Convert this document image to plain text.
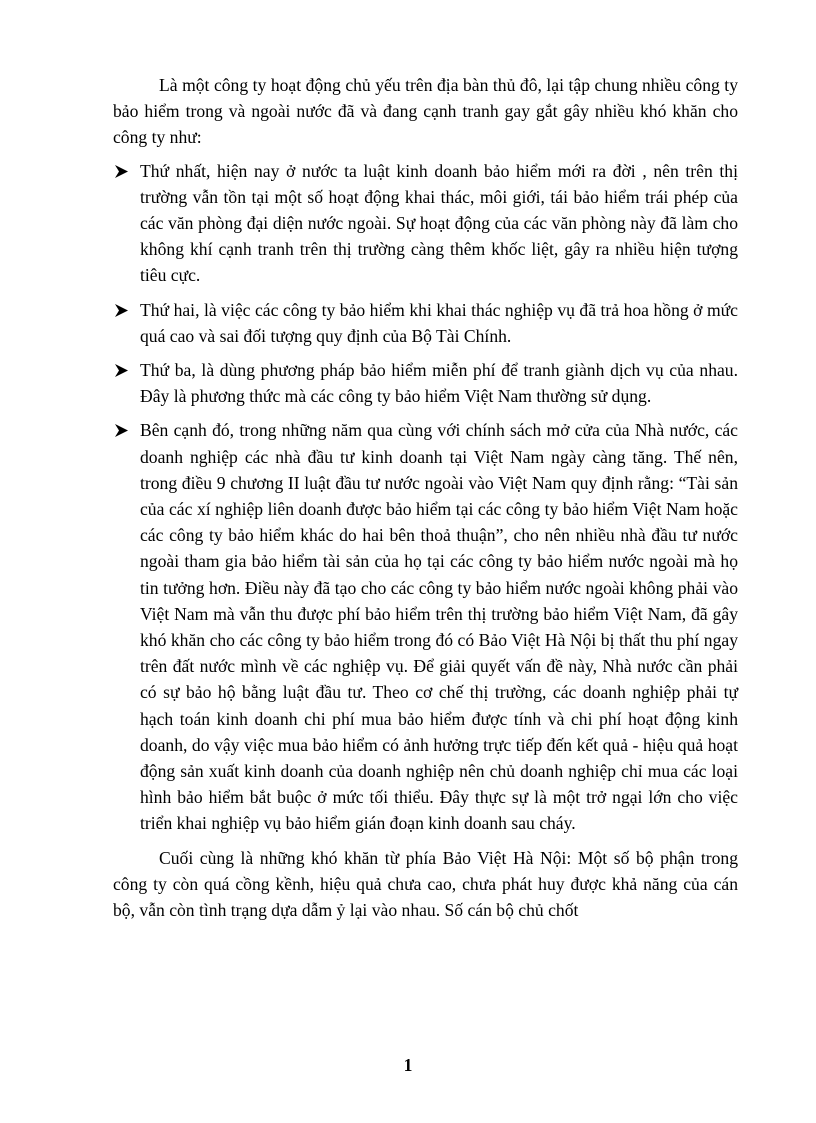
Là một công ty hoạt động chủ yếu trên địa bàn thủ đô, lại tập chung nhiều công ty bảo hiểm trong và ngoài nước đã và đang cạnh tranh gay gắt gây nhiều khó khăn cho công ty như:

Thứ nhất, hiện nay ở nước ta luật kinh doanh bảo hiểm mới ra đời , nên trên thị trường vẫn tồn tại một số hoạt động khai thác, môi giới, tái bảo hiểm trái phép của các văn phòng đại diện nước ngoài. Sự hoạt động của các văn phòng này đã làm cho không khí cạnh tranh trên thị trường càng thêm khốc liệt, gây ra nhiều hiện tượng tiêu cực.
Thứ hai, là việc các công ty bảo hiểm khi khai thác nghiệp vụ đã trả hoa hồng ở mức quá cao và sai đối tượng quy định của Bộ Tài Chính.
Thứ ba, là dùng phương pháp bảo hiểm miễn phí để tranh giành dịch vụ của nhau. Đây là phương thức mà các công ty bảo hiểm Việt Nam thường sử dụng.
Bên cạnh đó, trong những năm qua cùng với chính sách mở cửa của Nhà nước, các doanh nghiệp các nhà đầu tư kinh doanh tại Việt Nam ngày càng tăng. Thế nên, trong điều 9 chương II luật đầu tư nước ngoài vào Việt Nam quy định rằng: “Tài sản của các xí nghiệp liên doanh được bảo hiểm tại các công ty bảo hiểm Việt Nam hoặc các công ty bảo hiểm khác do hai bên thoả thuận”, cho nên nhiều nhà đầu tư nước ngoài tham gia bảo hiểm tài sản của họ tại các công ty bảo hiểm nước ngoài mà họ tin tưởng hơn. Điều này đã tạo cho các công ty bảo hiểm nước ngoài không phải vào Việt Nam mà vẫn thu được phí bảo hiểm trên thị trường bảo hiểm Việt Nam, đã gây khó khăn cho các công ty bảo hiểm trong đó có Bảo Việt Hà Nội bị thất thu phí ngay trên đất nước mình về các nghiệp vụ. Để giải quyết vấn đề này, Nhà nước cần phải có sự bảo hộ bằng luật đầu tư. Theo cơ chế thị trường, các doanh nghiệp phải tự hạch toán kinh doanh chi phí mua bảo hiểm được tính và chi phí hoạt động kinh doanh, do vậy việc mua bảo hiểm có ảnh hưởng trực tiếp đến kết quả - hiệu quả hoạt động sản xuất kinh doanh của doanh nghiệp nên chủ doanh nghiệp chỉ mua các loại hình bảo hiểm bắt buộc ở mức tối thiểu. Đây thực sự là một trở ngại lớn cho việc triển khai nghiệp vụ bảo hiểm gián đoạn kinh doanh sau cháy.

Cuối cùng là những khó khăn từ phía Bảo Việt Hà Nội: Một số bộ phận trong công ty còn quá cồng kềnh, hiệu quả chưa cao, chưa phát huy được khả năng của cán bộ, vẫn còn tình trạng dựa dẫm ỷ lại vào nhau. Số cán bộ chủ chốt

1
